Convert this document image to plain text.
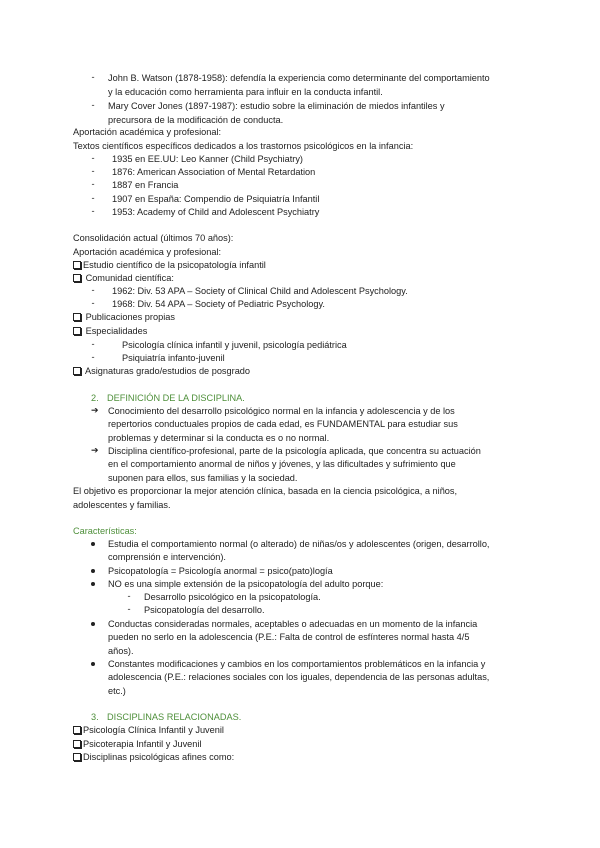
-	John B. Watson (1878-1958): defendía la experiencia como determinante del comportamiento
y la educación como herramienta para influir en la conducta infantil.
-	Mary Cover Jones (1897-1987): estudio sobre la eliminación de miedos infantiles y
precursora de la modificación de conducta.
Aportación académica y profesional:
Textos científicos específicos dedicados a los trastornos psicológicos en la infancia:
-	1935 en EE.UU: Leo Kanner (Child Psychiatry)
-	1876: American Association of Mental Retardation
-	1887 en Francia
-	1907 en España: Compendio de Psiquiatría Infantil
-	1953: Academy of Child and Adolescent Psychiatry
Consolidación actual (últimos 70 años):
Aportación académica y profesional:
Estudio científico de la psicopatología infantil
Comunidad científica:
-	1962: Div. 53 APA – Society of Clinical Child and Adolescent Psychology.
-	1968: Div. 54 APA – Society of Pediatric Psychology.
Publicaciones propias
Especialidades
-	Psicología clínica infantil y juvenil, psicología pediátrica
-	Psiquiatría infanto-juvenil
Asignaturas grado/estudios de posgrado
2. DEFINICIÓN DE LA DISCIPLINA.
➔ Conocimiento del desarrollo psicológico normal en la infancia y adolescencia y de los
repertorios conductuales propios de cada edad, es FUNDAMENTAL para estudiar sus
problemas y determinar si la conducta es o no normal.
➔ Disciplina científico-profesional, parte de la psicología aplicada, que concentra su actuación
en el comportamiento anormal de niños y jóvenes, y las dificultades y sufrimiento que
suponen para ellos, sus familias y la sociedad.
El objetivo es proporcionar la mejor atención clínica, basada en la ciencia psicológica, a niños,
adolescentes y familias.
Características:
Estudia el comportamiento normal (o alterado) de niñas/os y adolescentes (origen, desarrollo,
comprensión e intervención).
Psicopatología = Psicología anormal = psico(pato)logía
NO es una simple extensión de la psicopatología del adulto porque:
-	Desarrollo psicológico en la psicopatología.
-	Psicopatología del desarrollo.
Conductas consideradas normales, aceptables o adecuadas en un momento de la infancia
pueden no serlo en la adolescencia (P.E.: Falta de control de esfínteres normal hasta 4/5
años).
Constantes modificaciones y cambios en los comportamientos problemáticos en la infancia y
adolescencia (P.E.: relaciones sociales con los iguales, dependencia de las personas adultas,
etc.)
3. DISCIPLINAS RELACIONADAS.
Psicología Clínica Infantil y Juvenil
Psicoterapia Infantil y Juvenil
Disciplinas psicológicas afines como:
